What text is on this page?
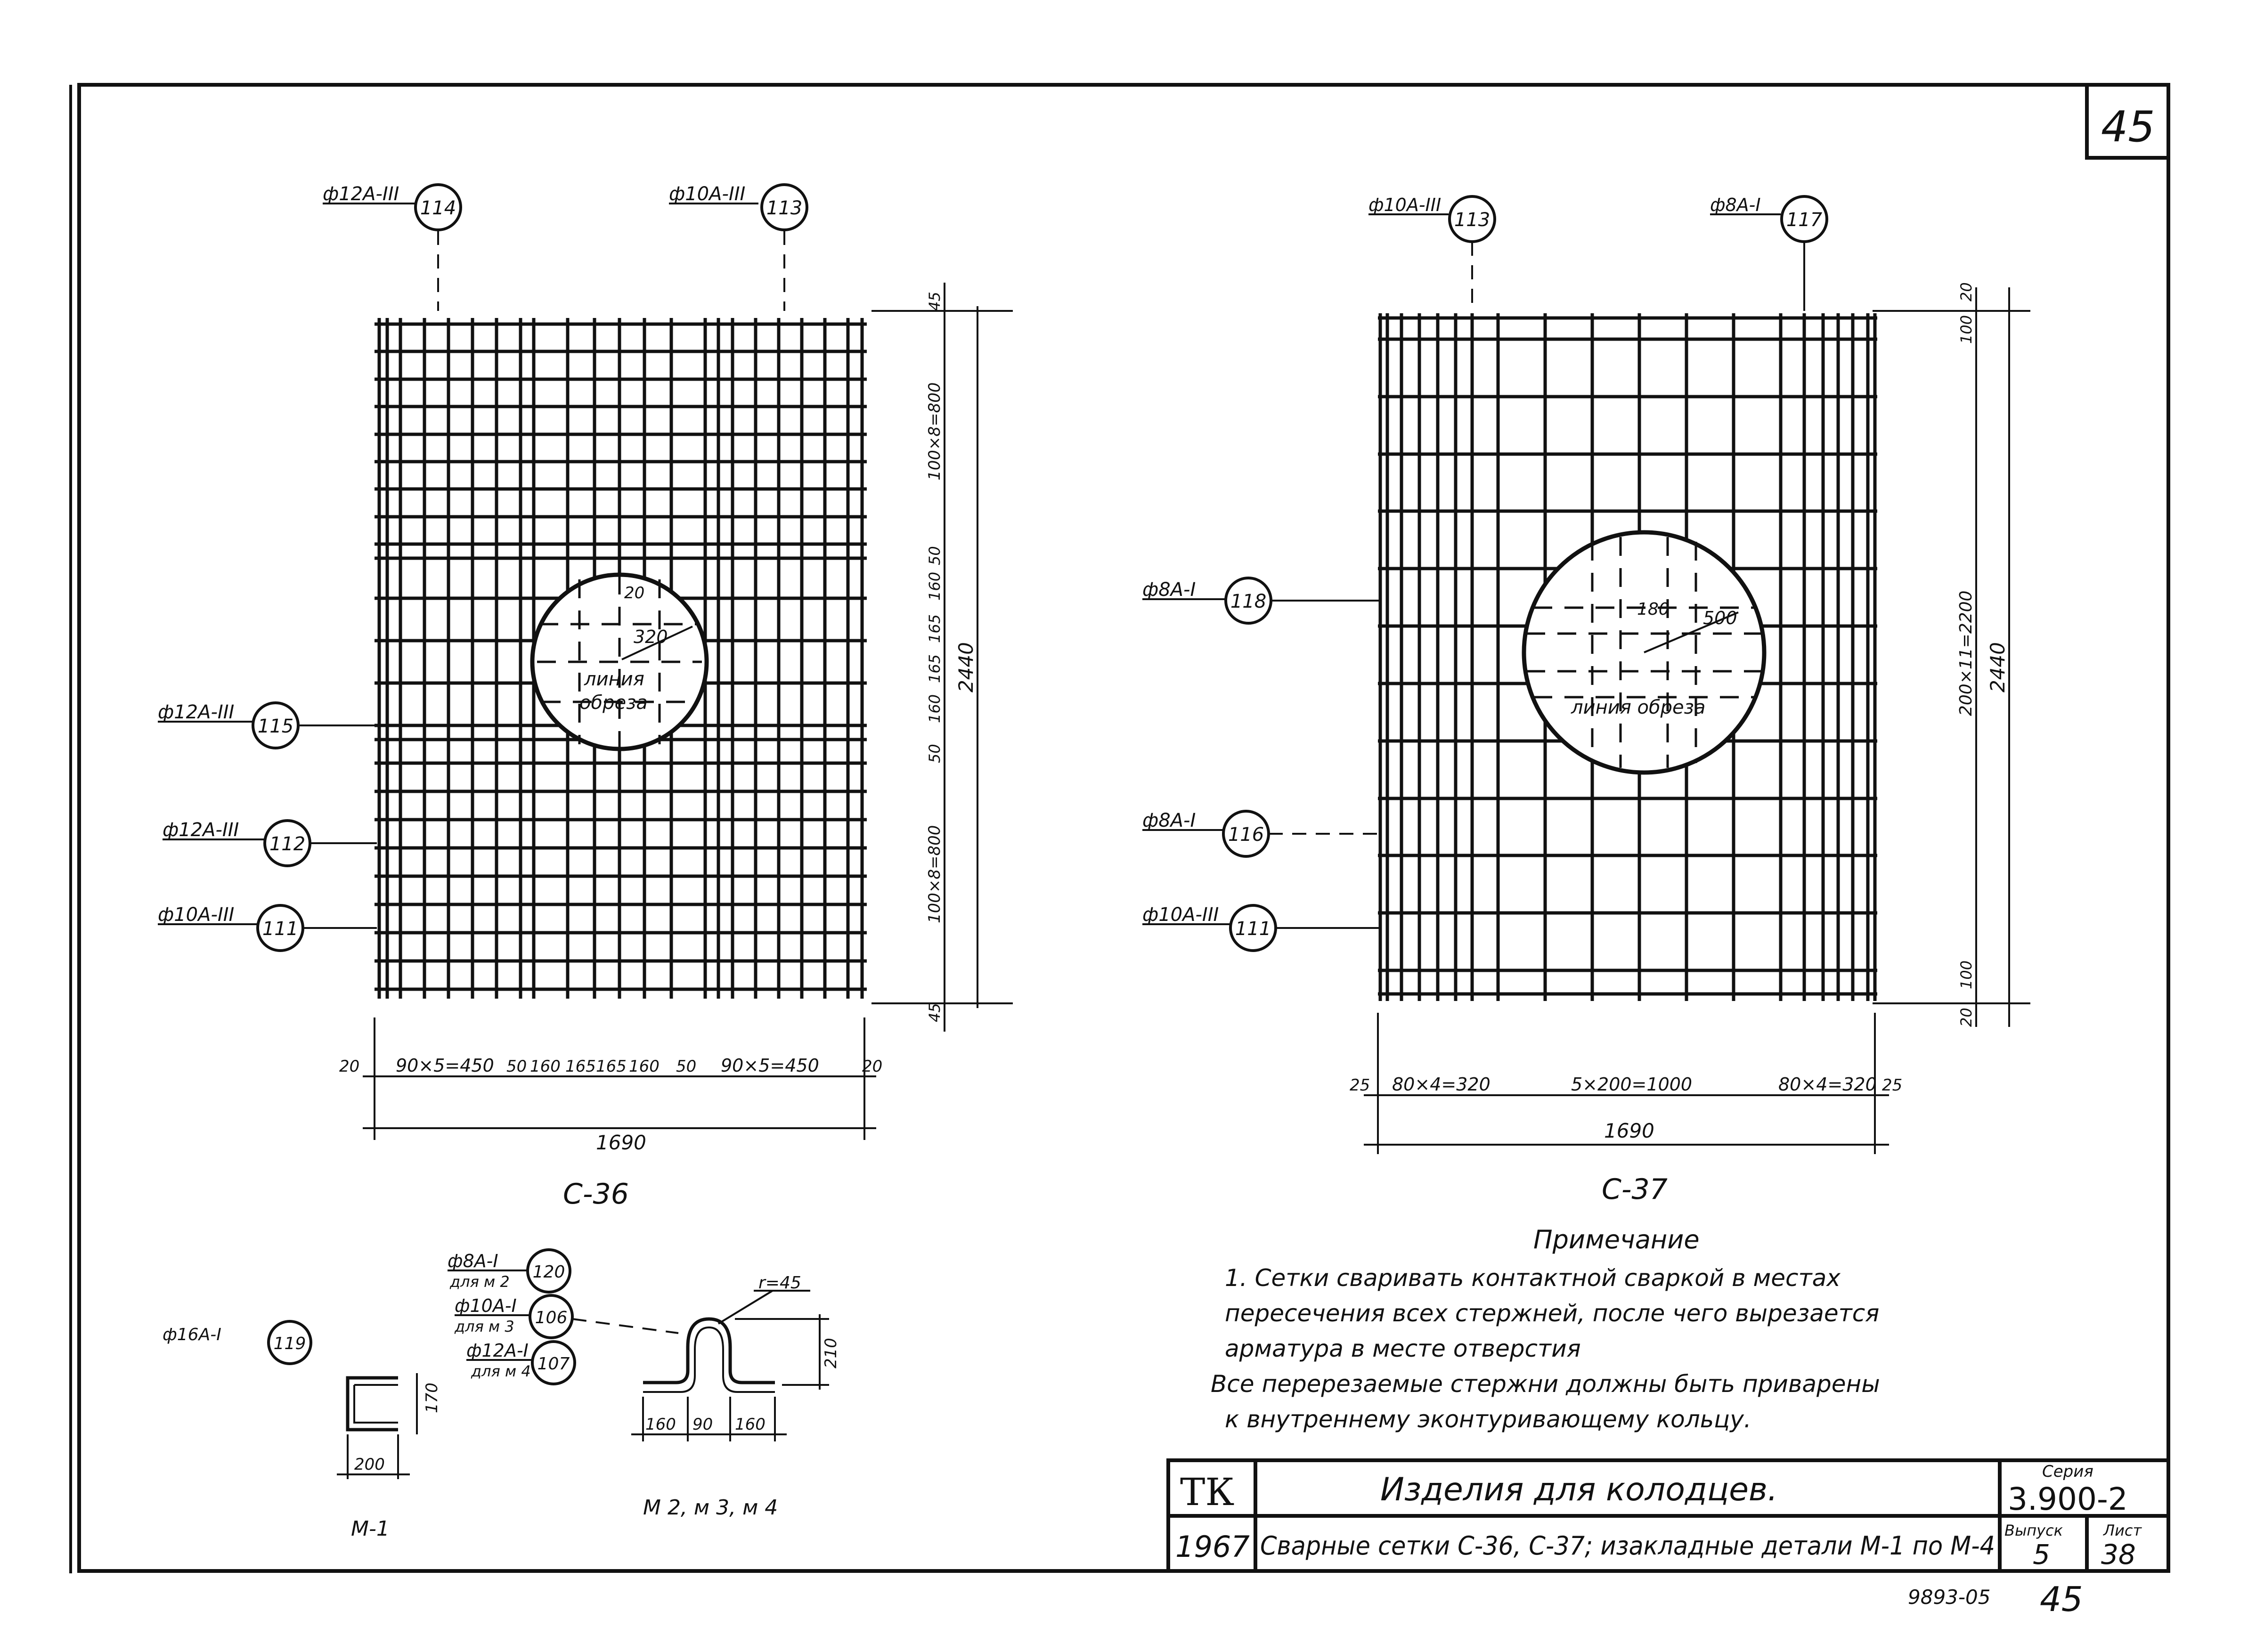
45
20
320
линия
обреза
ф12А-III
114
ф10А-III
113
ф12А-III
115
ф12А-III
112
ф10А-III
111
45
100×8=800
50
160
165
165
160
50
100×8=800
45
2440
20 90×5=450 50 160 165 165 160 50 90×5=450	20
1690
С-36
180 500
линия обреза
ф10А-III
113
ф8А-I
117
ф8А-I
118
ф8А-I
116
ф10А-III
111
20
100
200×11=2200
100
20
2440
25 80×4=320	5×200=1000	80×4=320 25
1690
С-37
ф16А-I	119
170
200
М-1
ф8А-I
для м 2 120
ф10А-I
для м 3 106
ф12А-I
для м 4 107
r=45
210
160 90 160
М 2, м 3, м 4
Примечание
1. Сетки сваривать контактной сваркой в местах
пересечения всех стержней, после чего вырезается
арматура в месте отверстия
Все перерезаемые стержни должны быть приварены
к внутреннему эконтуривающему кольцу.
ТК
1967
Изделия для колодцев.
Сварные сетки С-36, С-37; изакладные детали М-1 по М-4
Серия
3.900-2
Выпуск
5
Лист
38
9893-05 45
